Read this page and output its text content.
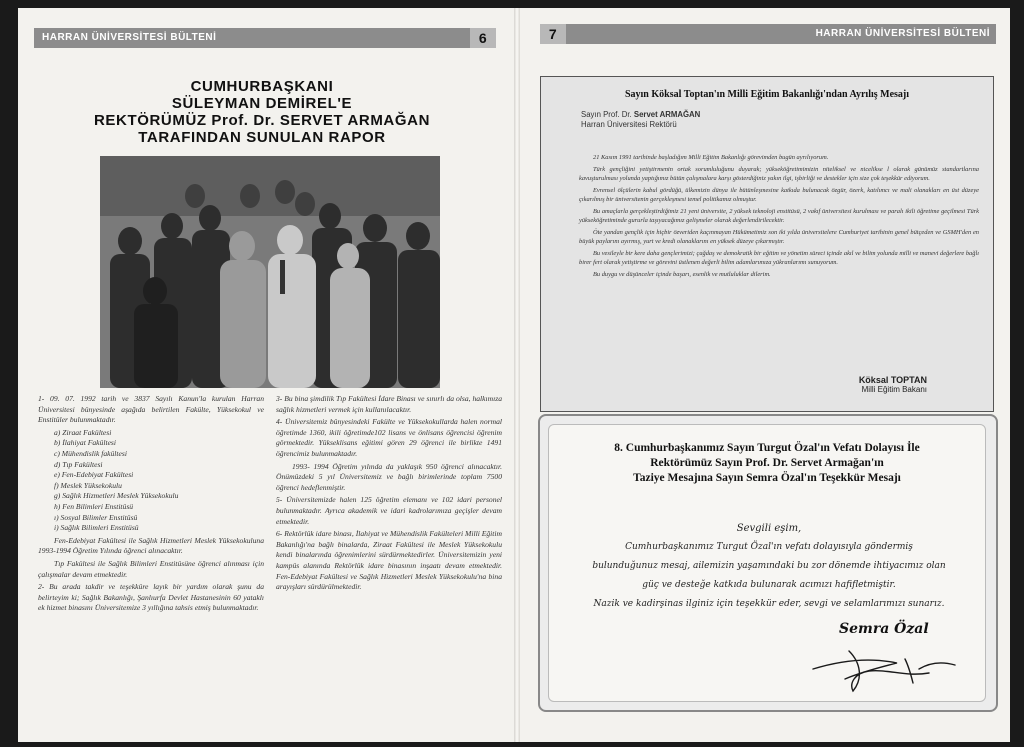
HARRAN ÜNİVERSİTESİ BÜLTENİ	6
CUMHURBAŞKANI
SÜLEYMAN DEMİREL'E
REKTÖRÜMÜZ Prof. Dr. SERVET ARMAĞAN
TARAFINDAN SUNULAN RAPOR

1- 09. 07. 1992 tarih ve 3837 Sayılı Kanun'la kurulan Harran Üniversitesi bünyesinde aşağıda belirtilen Fakülte, Yüksekokul ve Enstitüler bulunmaktadır.

a) Ziraat Fakültesi
b) İlahiyat Fakültesi
c) Mühendislik fakültesi
d) Tıp Fakültesi
e) Fen-Edebiyat Fakültesi
f) Meslek Yüksekokulu
g) Sağlık Hizmetleri Meslek Yüksekokulu
h) Fen Bilimleri Enstitüsü
ı) Sosyal Bilimler Enstitüsü
i) Sağlık Bilimleri Enstitüsü

Fen-Edebiyat Fakültesi ile Sağlık Hizmetleri Meslek Yüksekokuluna 1993-1994 Öğretim Yılında öğrenci alınacaktır.

Tıp Fakültesi ile Sağlık Bilimleri Enstitüsüne öğrenci alınması için çalışmalar devam etmektedir.

2- Bu arada takdir ve teşekküre layık bir yardım olarak şunu da belirteyim ki; Sağlık Bakanlığı, Şanlıurfa Devlet Hastanesinin 60 yataklı ek hizmet binasını Üniversitemize 3 yıllığına tahsis etmiş bulunmaktadır.

3- Bu bina şimdilik Tıp Fakültesi İdare Binası ve sınırlı da olsa, halkımıza sağlık hizmetleri vermek için kullanılacaktır.

4- Üniversitemiz bünyesindeki Fakülte ve Yüksekokullarda halen normal öğretimde 1360, ikili öğretimde102 lisans ve önlisans öğrencisi öğrenim görmektedir. Yükseklisans eğitimi gören 29 öğrenci ile birlikte 1491 öğrencimiz bulunmaktadır.

1993- 1994 Öğretim yılında da yaklaşık 950 öğrenci alınacaktır. Önümüzdeki 5 yıl Üniversitemiz ve bağlı birimlerinde toplam 7500 öğrenci hedeflenmiştir.

5- Üniversitemizde halen 125 öğretim elemanı ve 102 idari personel bulunmaktadır. Ayrıca akademik ve idari kadrolarımıza geçişler devam etmektedir.

6- Rektörlük idare binası, İlahiyat ve Mühendislik Fakülteleri Milli Eğitim Bakanlığı'na bağlı binalarda, Ziraat Fakültesi ile Meslek Yüksekokulu kendi binalarında öğrenimlerini sürdürmektedirler. Üniversitemizin yeni kampüs alanında Rektörlük idare binasının inşaatı devam etmektedir. Fen-Edebiyat Fakültesi ve Sağlık Hizmetleri Meslek Yüksekokulu'na bina arayışları sürdürülmektedir.

7	HARRAN ÜNİVERSİTESİ BÜLTENİ
Sayın Köksal Toptan'ın Milli Eğitim Bakanlığı'ndan Ayrılış Mesajı
Sayın Prof. Dr. Servet ARMAĞAN
Harran Üniversitesi Rektörü

21 Kasım 1991 tarihinde başladığım Milli Eğitim Bakanlığı görevimden bugün ayrılıyorum.

Türk gençliğini yetiştirmenin ortak sorumluluğunu duyarak; yükseköğretimimizin niteliksel ve nicelikse l olarak günümüz standartlarına kavuşturulması yolunda yaptığımız bütün çalışmalara karşı gösterdiğiniz yakın ilgi, işbirliği ve destekler için size çok teşekkür ediyorum.

Evrensel ölçülerin kabul gördüğü, ülkemizin dünya ile bütünleşmesine katkıda bulunacak özgür, özerk, katılımcı ve mali olanakları en üst düzeye çıkarılmış bir üniversitenin gerçekleşmesi temel politikamız olmuştur.

Bu amaçlarla gerçekleştirdiğimiz 21 yeni üniversite, 2 yüksek teknoloji enstitüsü, 2 vakıf üniversitesi kurulması ve paralı ikili öğretime geçilmesi Türk yükseköğretiminde gururla taşıyacağımız gelişmeler olarak değerlendirilecektir.

Öte yandan gençlik için hiçbir özveriden kaçınmayan Hükümetimiz son iki yılda üniversitelere Cumhuriyet tarihinin genel bütçeden ve GSMH'den en büyük paylarını ayırmış, yurt ve kredi olanaklarını en yüksek düzeye çıkarmıştır.

Bu vesileyle bir kere daha gençlerimizi; çağdaş ve demokratik bir eğitim ve yönetim süreci içinde akıl ve bilim yolunda milli ve manevi değerlere bağlı birer fert olarak yetiştirme ve görevini üstlenen değerli bilim adamlarımıza yükranlarımı sunuyorum.

Bu duygu ve düşünceler içinde başarı, esenlik ve mutluluklar dilerim.

Köksal TOPTAN
Milli Eğitim Bakanı
8. Cumhurbaşkanımız Sayın Turgut Özal'ın Vefatı Dolayısı İle
Rektörümüz Sayın Prof. Dr. Servet Armağan'ın
Taziye Mesajına Sayın Semra Özal'ın Teşekkür Mesajı
Sevgili eşim,
Cumhurbaşkanımız Turgut Özal'ın vefatı dolayısıyla göndermiş
bulunduğunuz mesaj, ailemizin yaşamındaki bu zor dönemde ihtiyacımız olan
güç ve desteğe katkıda bulunarak acımızı hafifletmiştir.
Nazik ve kadirşinas ilginiz için teşekkür eder, sevgi ve selamlarımızı sunarız.
Semra Özal
